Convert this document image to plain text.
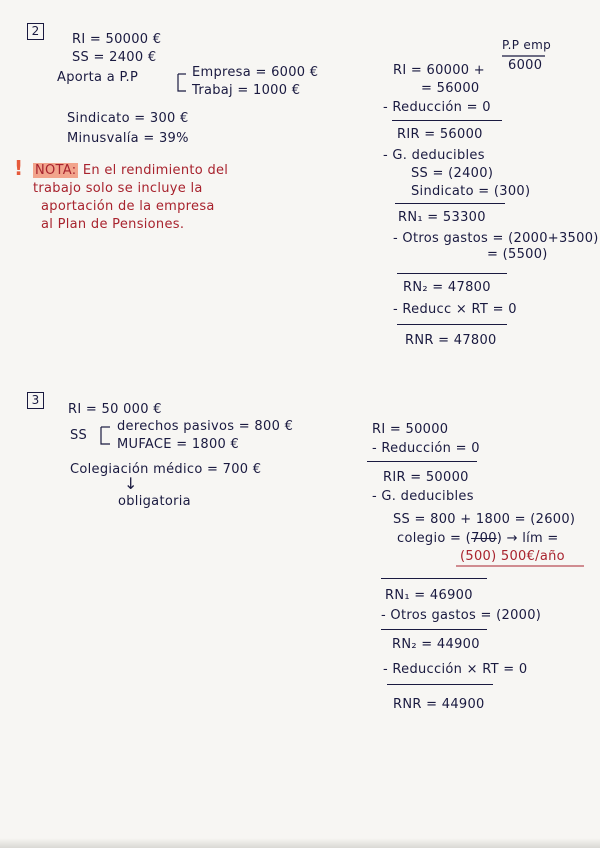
2
RI = 50000 €
SS = 2400 €
Aporta a P.P	Empresa = 6000 €
Trabaj = 1000 €
Sindicato = 300 €
Minusvalía = 39%
! NOTA: En el rendimiento del
trabajo solo se incluye la
aportación de la empresa
al Plan de Pensiones.
P.P emp
6000
RI = 60000 +
= 56000
- Reducción = 0
RIR = 56000
- G. deducibles
SS = (2400)
Sindicato = (300)
RN₁ = 53300
- Otros gastos = (2000+3500)
= (5500)
RN₂ = 47800
- Reducc × RT = 0
RNR = 47800
3
RI = 50 000 €
SS
derechos pasivos = 800 €
MUFACE = 1800 €
Colegiación médico = 700 €
↓
obligatoria
RI = 50000
- Reducción = 0
RIR = 50000
- G. deducibles
SS = 800 + 1800 = (2600)
colegio = (700) → lím =
(500) 500€/año
RN₁ = 46900
- Otros gastos = (2000)
RN₂ = 44900
- Reducción × RT = 0
RNR = 44900
